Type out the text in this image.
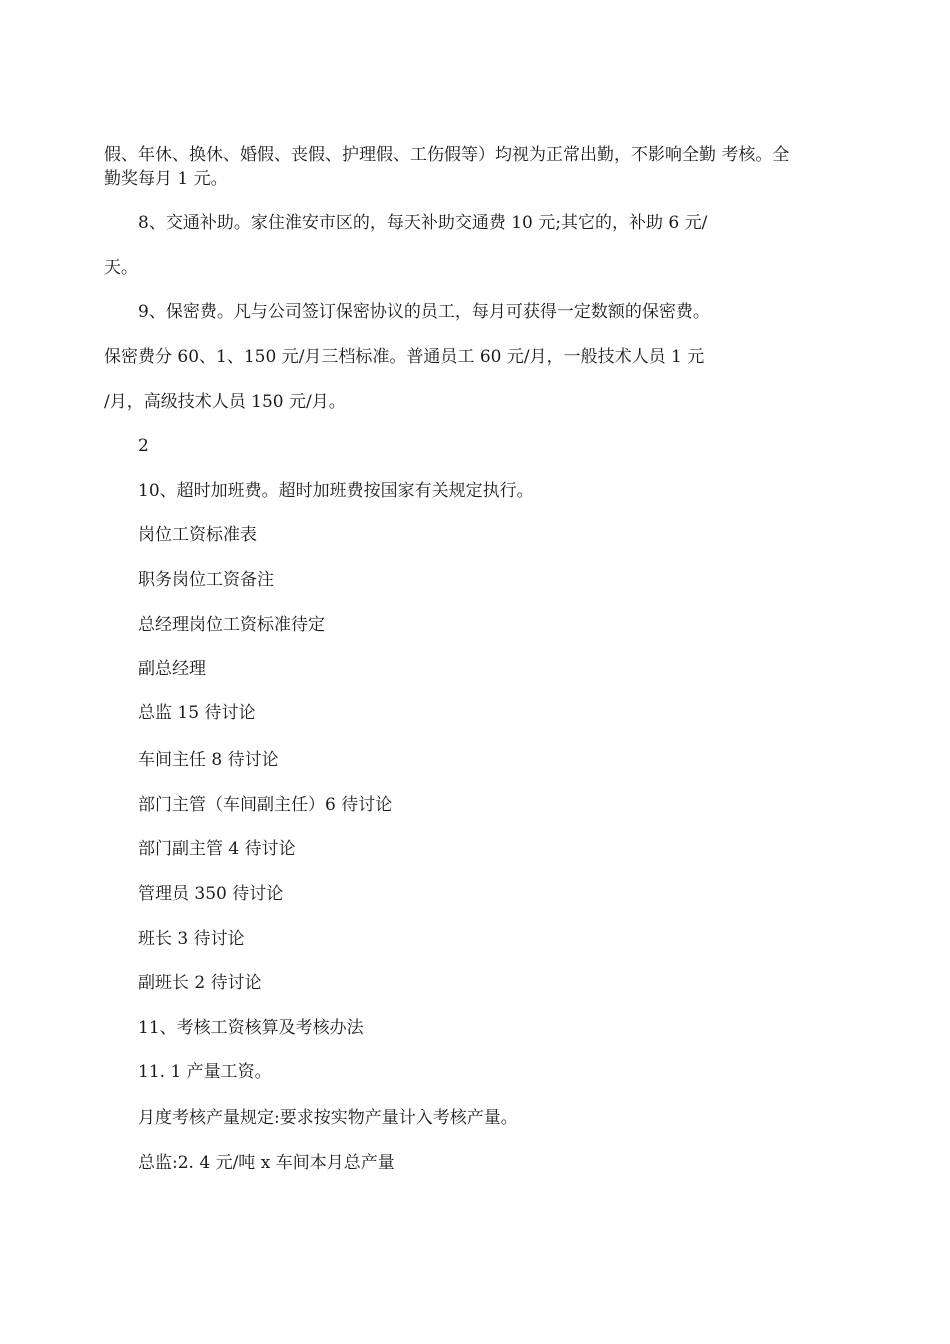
假、年休、换休、婚假、丧假、护理假、工伤假等）均视为正常出勤，不影响全勤 考核。全
勤奖每月 1 元。
8、交通补助。家住淮安市区的，每天补助交通费 10 元;其它的，补助 6 元/
天。
9、保密费。凡与公司签订保密协议的员工，每月可获得一定数额的保密费。
保密费分 60、1、150 元/月三档标准。普通员工 60 元/月，一般技术人员 1 元
/月，高级技术人员 150 元/月。
2
10、超时加班费。超时加班费按国家有关规定执行。
岗位工资标准表
职务岗位工资备注
总经理岗位工资标准待定
副总经理
总监 15 待讨论
车间主任 8 待讨论
部门主管（车间副主任）6 待讨论
部门副主管 4 待讨论
管理员 350 待讨论
班长 3 待讨论
副班长 2 待讨论
11、考核工资核算及考核办法
11. 1 产量工资。
月度考核产量规定:要求按实物产量计入考核产量。
总监:2. 4 元/吨 x 车间本月总产量
